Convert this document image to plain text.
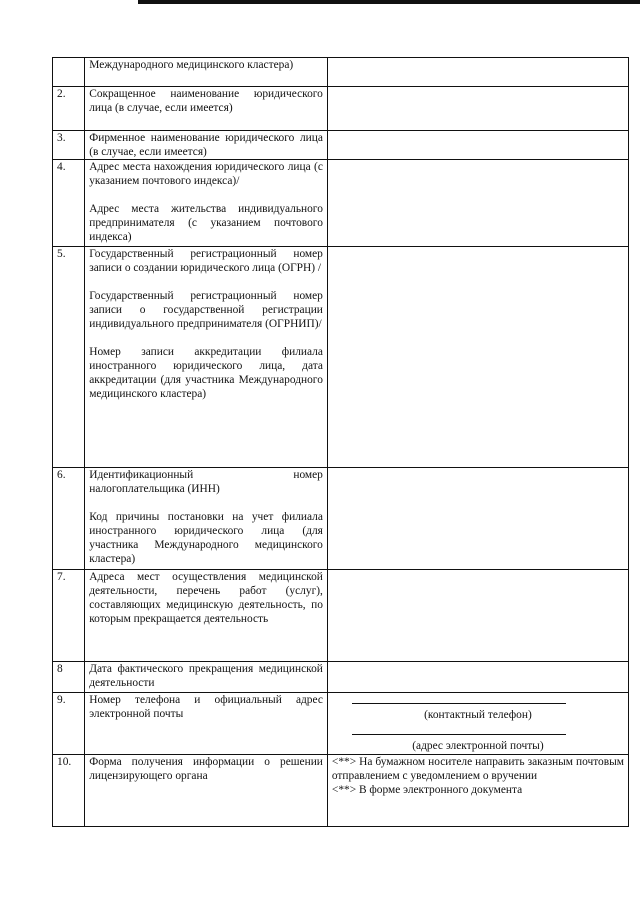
	Международного медицинского кластера)	

2.	Сокращенное наименование юридического лица (в случае, если имеется)	

3.	Фирменное наименование юридического лица (в случае, если имеется)	

4.	Адрес места нахождения юридического лица (с указанием почтового индекса)/
Адрес места жительства индивидуального предпринимателя (с указанием почтового индекса)	

5.	Государственный регистрационный номер записи о создании юридического лица (ОГРН) /
Государственный регистрационный номер записи о государственной регистрации индивидуального предпринимателя (ОГРНИП)/
Номер записи аккредитации филиала иностранного юридического лица, дата аккредитации (для участника Международного медицинского кластера)	

6.	Идентификационный номер налогоплательщика (ИНН)
Код причины постановки на учет филиала иностранного юридического лица (для участника Международного медицинского кластера)	

7.	Адреса мест осуществления медицинской деятельности, перечень работ (услуг), составляющих медицинскую деятельность, по которым прекращается деятельность	

8	Дата фактического прекращения медицинской деятельности	

9.	Номер телефона и официальный адрес электронной почты	(контактный телефон)
(адрес электронной почты)

10.	Форма получения информации о решении лицензирующего органа	<**> На бумажном носителе направить заказным почтовым отправлением с уведомлением о вручении
<**> В форме электронного документа
